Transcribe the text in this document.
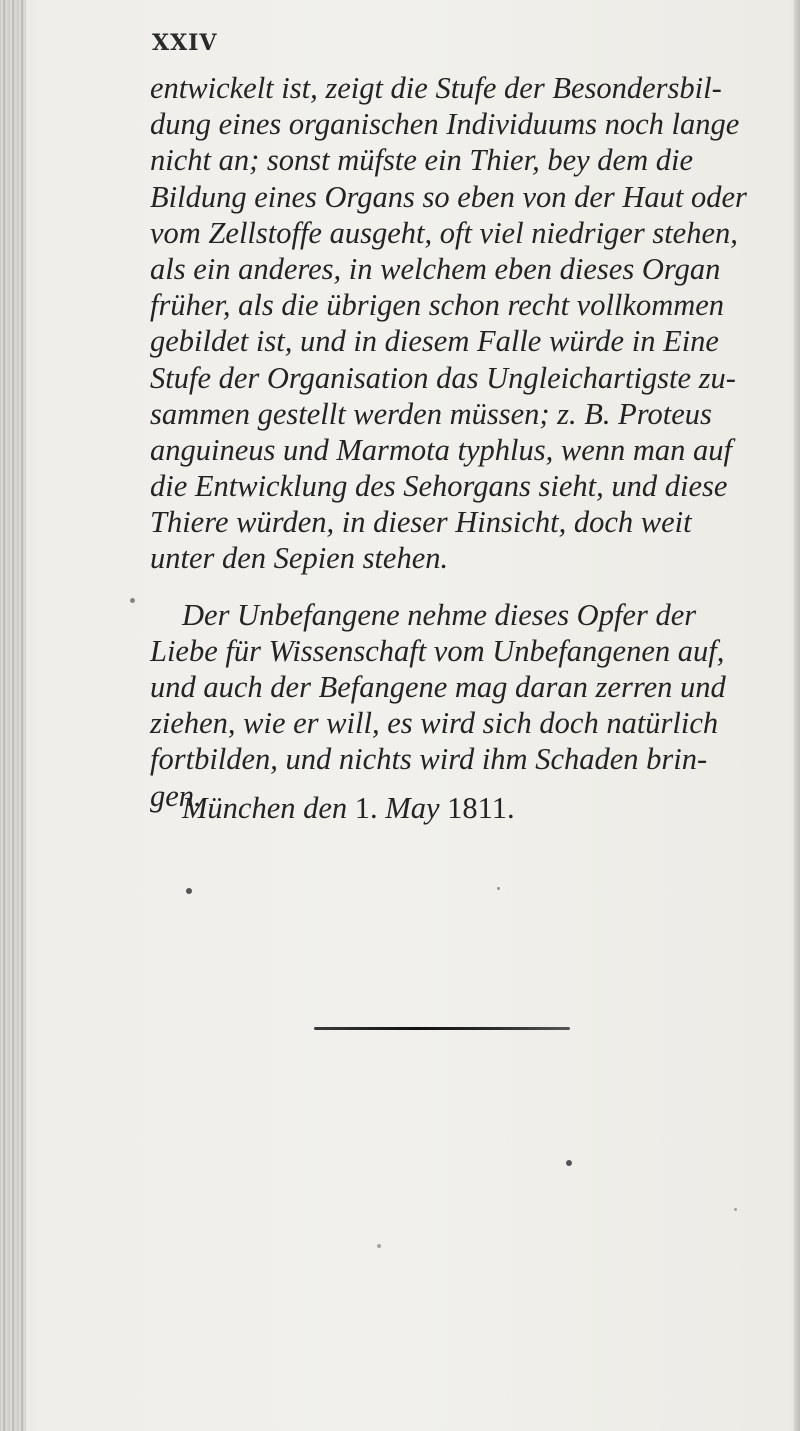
XXIV
entwickelt ist, zeigt die Stufe der Besondersbil-
dung eines organischen Individuums noch lange
nicht an; sonst müfste ein Thier, bey dem die
Bildung eines Organs so eben von der Haut oder
vom Zellstoffe ausgeht, oft viel niedriger stehen,
als ein anderes, in welchem eben dieses Organ
früher, als die übrigen schon recht vollkommen
gebildet ist, und in diesem Falle würde in Eine
Stufe der Organisation das Ungleichartigste zu-
sammen gestellt werden müssen; z. B. Proteus
anguineus und Marmota typhlus, wenn man auf
die Entwicklung des Sehorgans sieht, und diese
Thiere würden, in dieser Hinsicht, doch weit
unter den Sepien stehen.
Der Unbefangene nehme dieses Opfer der
Liebe für Wissenschaft vom Unbefangenen auf,
und auch der Befangene mag daran zerren und
ziehen, wie er will, es wird sich doch natürlich
fortbilden, und nichts wird ihm Schaden brin-
gen.
München den 1. May 1811.
